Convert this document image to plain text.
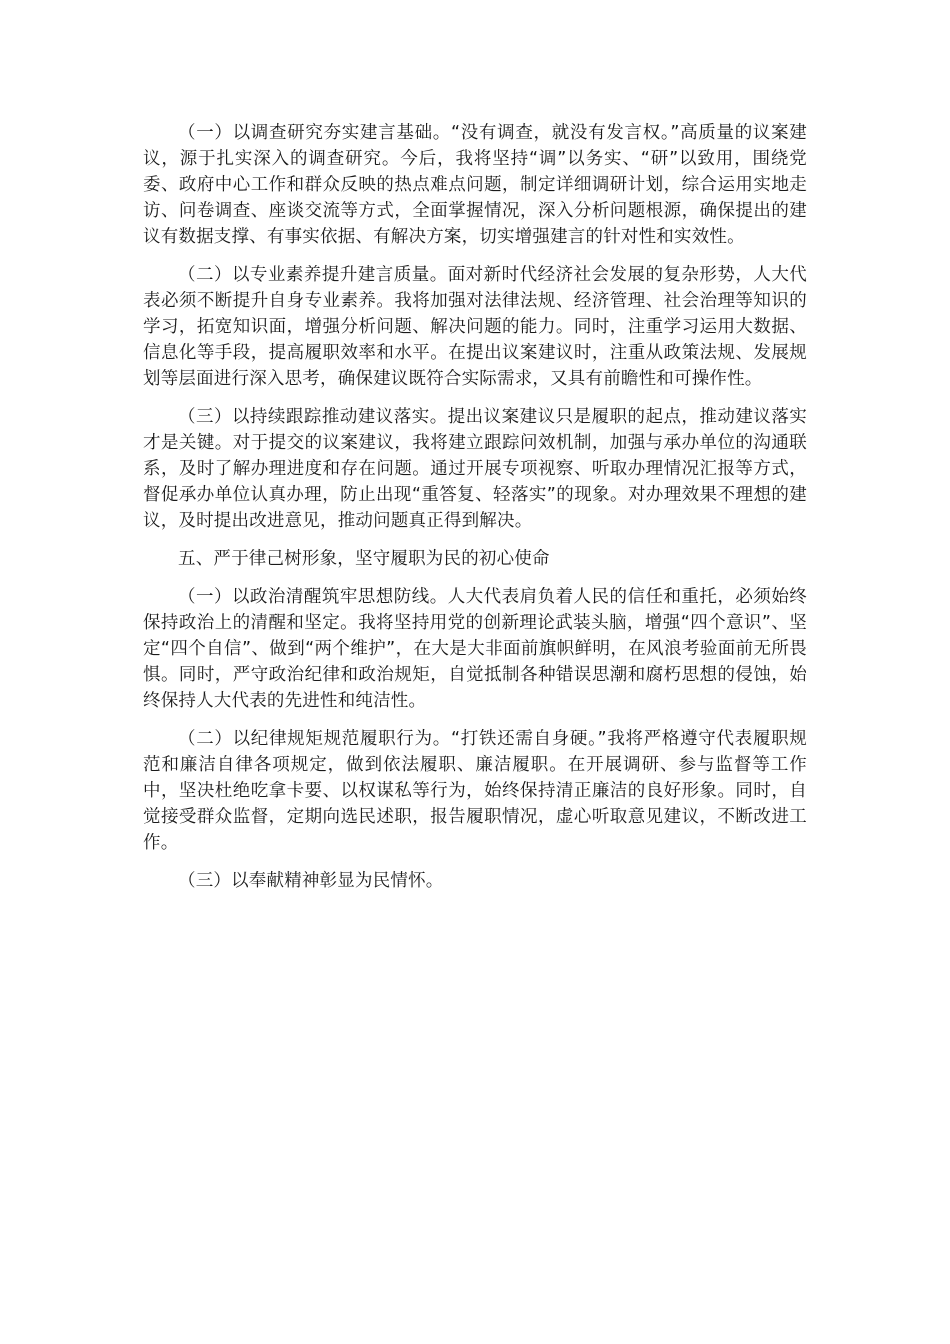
（一）以调查研究夯实建言基础。“没有调查，就没有发言权。”高质量的议案建议，源于扎实深入的调查研究。今后，我将坚持“调”以务实、“研”以致用，围绕党委、政府中心工作和群众反映的热点难点问题，制定详细调研计划，综合运用实地走访、问卷调查、座谈交流等方式，全面掌握情况，深入分析问题根源，确保提出的建议有数据支撑、有事实依据、有解决方案，切实增强建言的针对性和实效性。

（二）以专业素养提升建言质量。面对新时代经济社会发展的复杂形势，人大代表必须不断提升自身专业素养。我将加强对法律法规、经济管理、社会治理等知识的学习，拓宽知识面，增强分析问题、解决问题的能力。同时，注重学习运用大数据、信息化等手段，提高履职效率和水平。在提出议案建议时，注重从政策法规、发展规划等层面进行深入思考，确保建议既符合实际需求，又具有前瞻性和可操作性。

（三）以持续跟踪推动建议落实。提出议案建议只是履职的起点，推动建议落实才是关键。对于提交的议案建议，我将建立跟踪问效机制，加强与承办单位的沟通联系，及时了解办理进度和存在问题。通过开展专项视察、听取办理情况汇报等方式，督促承办单位认真办理，防止出现“重答复、轻落实”的现象。对办理效果不理想的建议，及时提出改进意见，推动问题真正得到解决。

五、严于律己树形象，坚守履职为民的初心使命

（一）以政治清醒筑牢思想防线。人大代表肩负着人民的信任和重托，必须始终保持政治上的清醒和坚定。我将坚持用党的创新理论武装头脑，增强“四个意识”、坚定“四个自信”、做到“两个维护”，在大是大非面前旗帜鲜明，在风浪考验面前无所畏惧。同时，严守政治纪律和政治规矩，自觉抵制各种错误思潮和腐朽思想的侵蚀，始终保持人大代表的先进性和纯洁性。

（二）以纪律规矩规范履职行为。“打铁还需自身硬。”我将严格遵守代表履职规范和廉洁自律各项规定，做到依法履职、廉洁履职。在开展调研、参与监督等工作中，坚决杜绝吃拿卡要、以权谋私等行为，始终保持清正廉洁的良好形象。同时，自觉接受群众监督，定期向选民述职，报告履职情况，虚心听取意见建议，不断改进工作。

（三）以奉献精神彰显为民情怀。
